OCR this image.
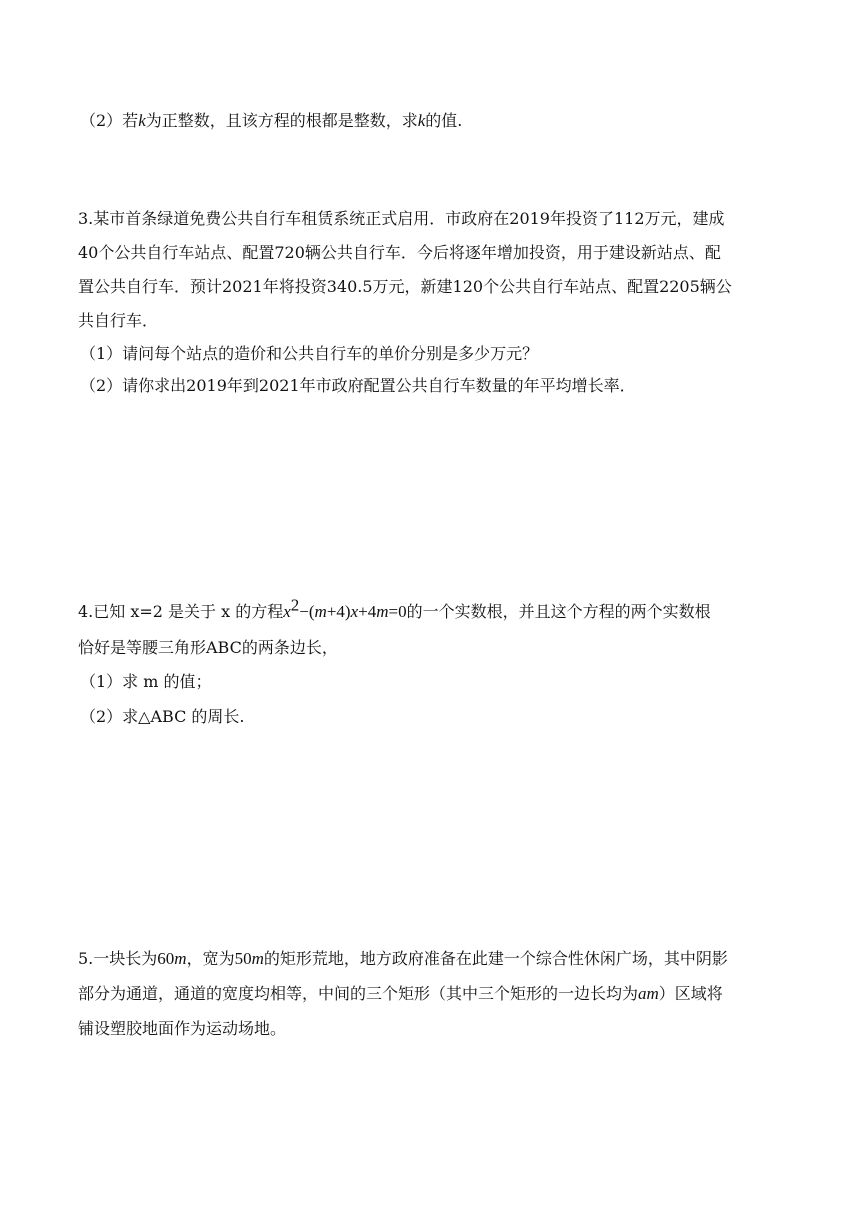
（2）若k为正整数，且该方程的根都是整数，求k的值.
3.某市首条绿道免费公共自行车租赁系统正式启用．市政府在2019年投资了112万元，建成
40个公共自行车站点、配置720辆公共自行车．今后将逐年增加投资，用于建设新站点、配
置公共自行车．预计2021年将投资340.5万元，新建120个公共自行车站点、配置2205辆公
共自行车．
（1）请问每个站点的造价和公共自行车的单价分别是多少万元？
（2）请你求出2019年到2021年市政府配置公共自行车数量的年平均增长率．
4.已知 x=2 是关于 x 的方程$x^2-(m+4)x+4m=0$的一个实数根，并且这个方程的两个实数根
恰好是等腰三角形ABC的两条边长，
（1）求 m 的值；
（2）求△ABC 的周长.
5.一块长为60m，宽为50m的矩形荒地，地方政府准备在此建一个综合性休闲广场，其中阴影
部分为通道，通道的宽度均相等，中间的三个矩形（其中三个矩形的一边长均为am）区域将
铺设塑胶地面作为运动场地。
